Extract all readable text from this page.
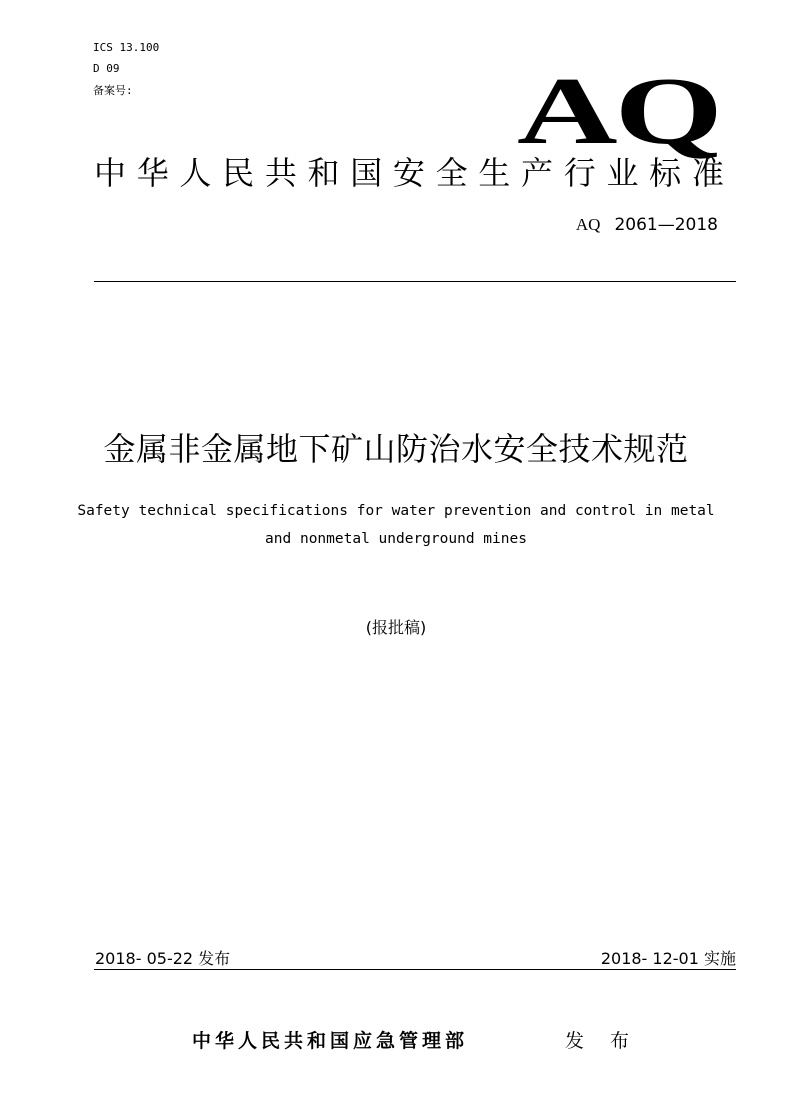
ICS 13.100
D 09
备案号:	AQ
中 华 人 民 共 和 国 安 全 生 产 行 业 标 准
AQ 2061—2018
金属非金属地下矿山防治水安全技术规范
Safety technical specifications for water prevention and control in metal and nonmetal underground mines
(报批稿)
2018- 05-22 发布	2018- 12-01 实施
中华人民共和国应急管理部	发 布
